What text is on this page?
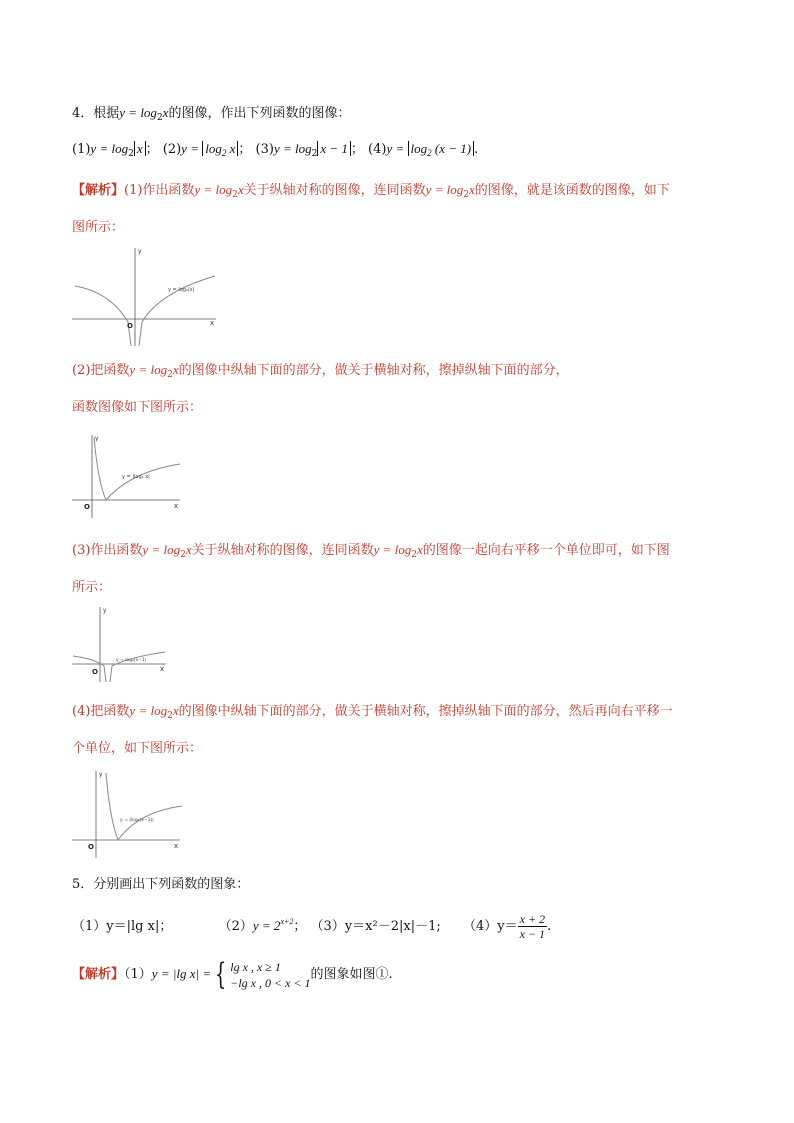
4．根据$y = \log_2x$的图像，作出下列函数的图像：
$(1)y = \log_2 x$ ； $(2)y = \log_2 x$ ； $(3)y = \log_2 x - 1$ ； $(4)y = \log_2 (x - 1)$ .
【解析】(1)作出函数$y = \log_2x$关于纵轴对称的图像，连同函数$y = \log_2x$的图像，就是该函数的图像，如下
图所示：
y = log₂|x|
y
x
O
(2)把函数$y = \log_2x$的图像中纵轴下面的部分，做关于横轴对称，擦掉纵轴下面的部分，
函数图像如下图所示：
y = |log₂ x|
y
x
O
(3)作出函数$y = \log_2x$关于纵轴对称的图像，连同函数$y = \log_2x$的图像一起向右平移一个单位即可，如下图
所示：
y = log₂|x−1|
y
x
O
(4)把函数$y = \log_2x$的图像中纵轴下面的部分，做关于横轴对称，擦掉纵轴下面的部分，然后再向右平移一
个单位，如下图所示：
y = |log₂(x−1)|
y
x
O
5．分别画出下列函数的图象：
（1）y＝|lg x|；	$(2)y = 2^{x+2}$； （3）y＝x²－2|x|－1; $(4)y= \frac{x + 2}{x - 1}$ .
【解析】（1）y = |lg x| = { lg x , x ≥ 1
−lg x , 0 < x < 1
的图象如图①.
